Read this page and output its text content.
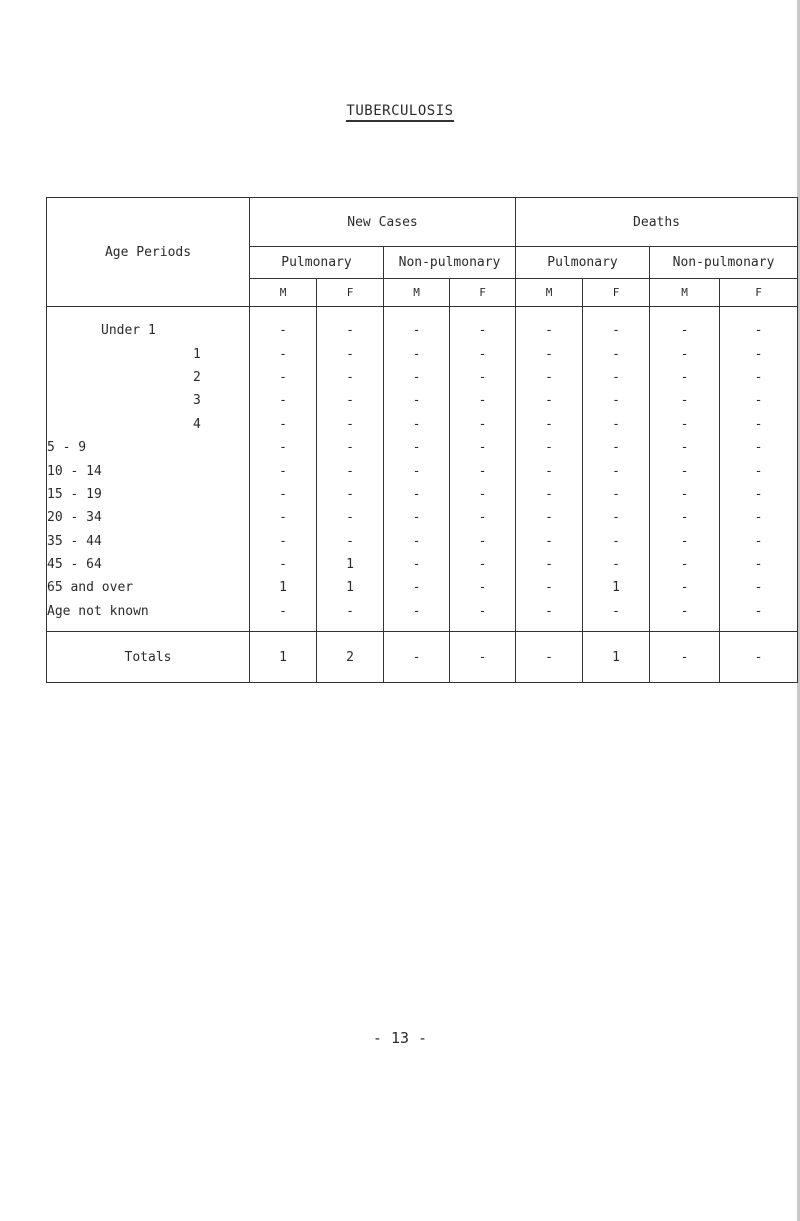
TUBERCULOSIS
Age Periods	New Cases				Deaths			
	Pulmonary		Non-pulmonary		Pulmonary		Non-pulmonary	
	M	F	M	F	M	F	M	F
Under 1	-	-	-	-	-	-	-	-
1	-	-	-	-	-	-	-	-
2	-	-	-	-	-	-	-	-
3	-	-	-	-	-	-	-	-
4	-	-	-	-	-	-	-	-
5 - 9	-	-	-	-	-	-	-	-
10 - 14	-	-	-	-	-	-	-	-
15 - 19	-	-	-	-	-	-	-	-
20 - 34	-	-	-	-	-	-	-	-
35 - 44	-	-	-	-	-	-	-	-
45 - 64	-	1	-	-	-	-	-	-
65 and over	1	1	-	-	-	1	-	-
Age not known	-	-	-	-	-	-	-	-
Totals	1	2	-	-	-	1	-	-
- 13 -
